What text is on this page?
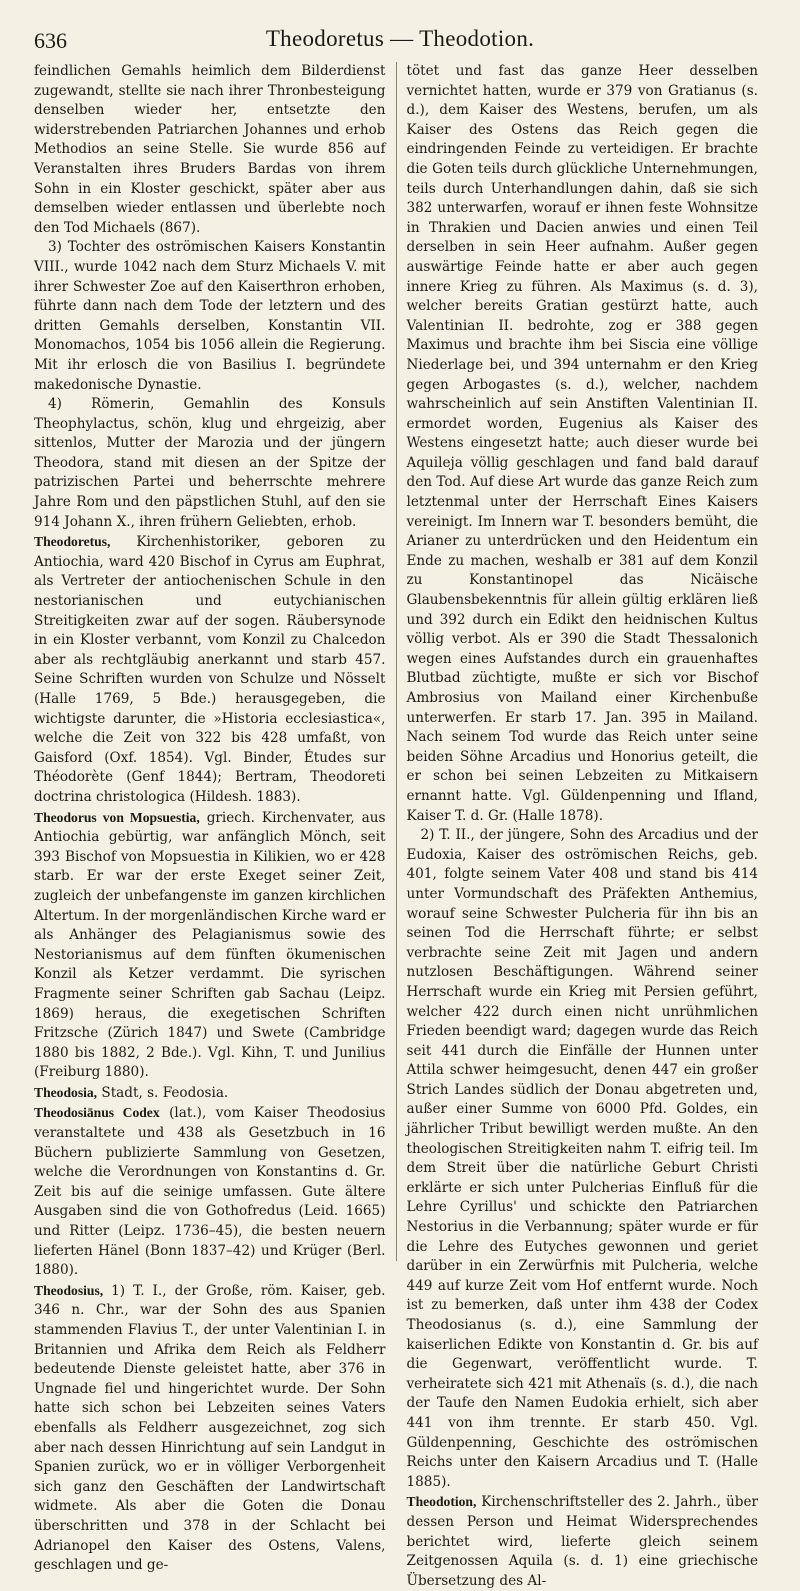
636	Theodoretus — Theodotion.

feindlichen Gemahls heimlich dem Bilderdienst zugewandt, stellte sie nach ihrer Thronbesteigung denselben wieder her, entsetzte den widerstrebenden Patriarchen Johannes und erhob Methodios an seine Stelle. Sie wurde 856 auf Veranstalten ihres Bruders Bardas von ihrem Sohn in ein Kloster geschickt, später aber aus demselben wieder entlassen und überlebte noch den Tod Michaels (867).

3) Tochter des oströmischen Kaisers Konstantin VIII., wurde 1042 nach dem Sturz Michaels V. mit ihrer Schwester Zoe auf den Kaiserthron erhoben, führte dann nach dem Tode der letztern und des dritten Gemahls derselben, Konstantin VII. Monomachos, 1054 bis 1056 allein die Regierung. Mit ihr erlosch die von Basilius I. begründete makedonische Dynastie.

4) Römerin, Gemahlin des Konsuls Theophylactus, schön, klug und ehrgeizig, aber sittenlos, Mutter der Marozia und der jüngern Theodora, stand mit diesen an der Spitze der patrizischen Partei und beherrschte mehrere Jahre Rom und den päpstlichen Stuhl, auf den sie 914 Johann X., ihren frühern Geliebten, erhob.

Theodoretus, Kirchenhistoriker, geboren zu Antiochia, ward 420 Bischof in Cyrus am Euphrat, als Vertreter der antiochenischen Schule in den nestorianischen und eutychianischen Streitigkeiten zwar auf der sogen. Räubersynode in ein Kloster verbannt, vom Konzil zu Chalcedon aber als rechtgläubig anerkannt und starb 457. Seine Schriften wurden von Schulze und Nösselt (Halle 1769, 5 Bde.) herausgegeben, die wichtigste darunter, die »Historia ecclesiastica«, welche die Zeit von 322 bis 428 umfaßt, von Gaisford (Oxf. 1854). Vgl. Binder, Études sur Théodorète (Genf 1844); Bertram, Theodoreti doctrina christologica (Hildesh. 1883).

Theodorus von Mopsuestia, griech. Kirchenvater, aus Antiochia gebürtig, war anfänglich Mönch, seit 393 Bischof von Mopsuestia in Kilikien, wo er 428 starb. Er war der erste Exeget seiner Zeit, zugleich der unbefangenste im ganzen kirchlichen Altertum. In der morgenländischen Kirche ward er als Anhänger des Pelagianismus sowie des Nestorianismus auf dem fünften ökumenischen Konzil als Ketzer verdammt. Die syrischen Fragmente seiner Schriften gab Sachau (Leipz. 1869) heraus, die exegetischen Schriften Fritzsche (Zürich 1847) und Swete (Cambridge 1880 bis 1882, 2 Bde.). Vgl. Kihn, T. und Junilius (Freiburg 1880).

Theodosia, Stadt, s. Feodosia.

Theodosiānus Codex (lat.), vom Kaiser Theodosius veranstaltete und 438 als Gesetzbuch in 16 Büchern publizierte Sammlung von Gesetzen, welche die Verordnungen von Konstantins d. Gr. Zeit bis auf die seinige umfassen. Gute ältere Ausgaben sind die von Gothofredus (Leid. 1665) und Ritter (Leipz. 1736–45), die besten neuern lieferten Hänel (Bonn 1837–42) und Krüger (Berl. 1880).

Theodosius, 1) T. I., der Große, röm. Kaiser, geb. 346 n. Chr., war der Sohn des aus Spanien stammenden Flavius T., der unter Valentinian I. in Britannien und Afrika dem Reich als Feldherr bedeutende Dienste geleistet hatte, aber 376 in Ungnade fiel und hingerichtet wurde. Der Sohn hatte sich schon bei Lebzeiten seines Vaters ebenfalls als Feldherr ausgezeichnet, zog sich aber nach dessen Hinrichtung auf sein Landgut in Spanien zurück, wo er in völliger Verborgenheit sich ganz den Geschäften der Landwirtschaft widmete. Als aber die Goten die Donau überschritten und 378 in der Schlacht bei Adrianopel den Kaiser des Ostens, Valens, geschlagen und ge-

tötet und fast das ganze Heer desselben vernichtet hatten, wurde er 379 von Gratianus (s. d.), dem Kaiser des Westens, berufen, um als Kaiser des Ostens das Reich gegen die eindringenden Feinde zu verteidigen. Er brachte die Goten teils durch glückliche Unternehmungen, teils durch Unterhandlungen dahin, daß sie sich 382 unterwarfen, worauf er ihnen feste Wohnsitze in Thrakien und Dacien anwies und einen Teil derselben in sein Heer aufnahm. Außer gegen auswärtige Feinde hatte er aber auch gegen innere Krieg zu führen. Als Maximus (s. d. 3), welcher bereits Gratian gestürzt hatte, auch Valentinian II. bedrohte, zog er 388 gegen Maximus und brachte ihm bei Siscia eine völlige Niederlage bei, und 394 unternahm er den Krieg gegen Arbogastes (s. d.), welcher, nachdem wahrscheinlich auf sein Anstiften Valentinian II. ermordet worden, Eugenius als Kaiser des Westens eingesetzt hatte; auch dieser wurde bei Aquileja völlig geschlagen und fand bald darauf den Tod. Auf diese Art wurde das ganze Reich zum letztenmal unter der Herrschaft Eines Kaisers vereinigt. Im Innern war T. besonders bemüht, die Arianer zu unterdrücken und den Heidentum ein Ende zu machen, weshalb er 381 auf dem Konzil zu Konstantinopel das Nicäische Glaubensbekenntnis für allein gültig erklären ließ und 392 durch ein Edikt den heidnischen Kultus völlig verbot. Als er 390 die Stadt Thessalonich wegen eines Aufstandes durch ein grauenhaftes Blutbad züchtigte, mußte er sich vor Bischof Ambrosius von Mailand einer Kirchenbuße unterwerfen. Er starb 17. Jan. 395 in Mailand. Nach seinem Tod wurde das Reich unter seine beiden Söhne Arcadius und Honorius geteilt, die er schon bei seinen Lebzeiten zu Mitkaisern ernannt hatte. Vgl. Güldenpenning und Ifland, Kaiser T. d. Gr. (Halle 1878).

2) T. II., der jüngere, Sohn des Arcadius und der Eudoxia, Kaiser des oströmischen Reichs, geb. 401, folgte seinem Vater 408 und stand bis 414 unter Vormundschaft des Präfekten Anthemius, worauf seine Schwester Pulcheria für ihn bis an seinen Tod die Herrschaft führte; er selbst verbrachte seine Zeit mit Jagen und andern nutzlosen Beschäftigungen. Während seiner Herrschaft wurde ein Krieg mit Persien geführt, welcher 422 durch einen nicht unrühmlichen Frieden beendigt ward; dagegen wurde das Reich seit 441 durch die Einfälle der Hunnen unter Attila schwer heimgesucht, denen 447 ein großer Strich Landes südlich der Donau abgetreten und, außer einer Summe von 6000 Pfd. Goldes, ein jährlicher Tribut bewilligt werden mußte. An den theologischen Streitigkeiten nahm T. eifrig teil. Im dem Streit über die natürliche Geburt Christi erklärte er sich unter Pulcherias Einfluß für die Lehre Cyrillus' und schickte den Patriarchen Nestorius in die Verbannung; später wurde er für die Lehre des Eutyches gewonnen und geriet darüber in ein Zerwürfnis mit Pulcheria, welche 449 auf kurze Zeit vom Hof entfernt wurde. Noch ist zu bemerken, daß unter ihm 438 der Codex Theodosianus (s. d.), eine Sammlung der kaiserlichen Edikte von Konstantin d. Gr. bis auf die Gegenwart, veröffentlicht wurde. T. verheiratete sich 421 mit Athenaïs (s. d.), die nach der Taufe den Namen Eudokia erhielt, sich aber 441 von ihm trennte. Er starb 450. Vgl. Güldenpenning, Geschichte des oströmischen Reichs unter den Kaisern Arcadius und T. (Halle 1885).

Theodotion, Kirchenschriftsteller des 2. Jahrh., über dessen Person und Heimat Widersprechendes berichtet wird, lieferte gleich seinem Zeitgenossen Aquila (s. d. 1) eine griechische Übersetzung des Al-
